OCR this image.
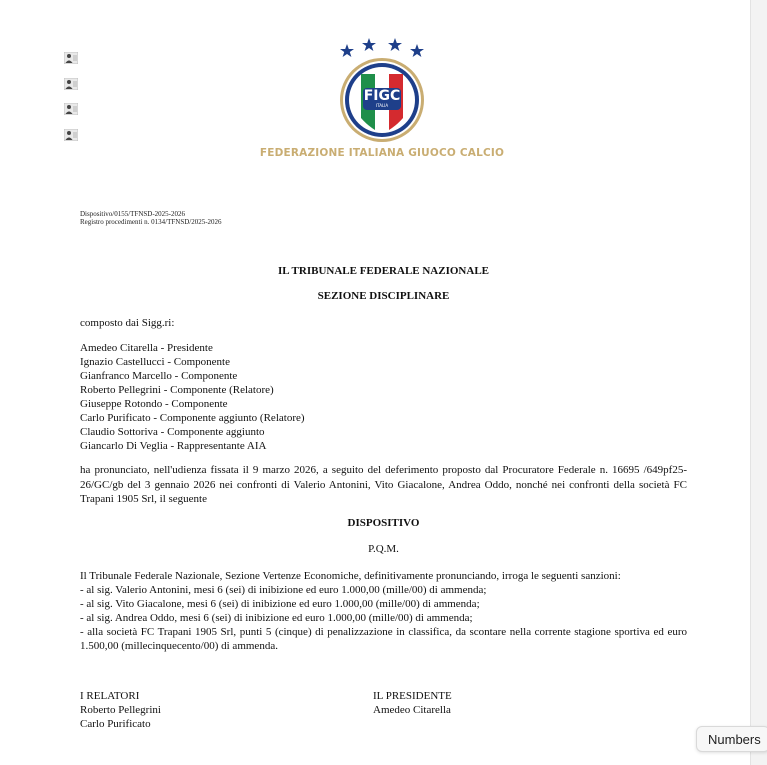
FIGC
ITALIA
FEDERAZIONE ITALIANA GIUOCO CALCIO
Dispositivo/0155/TFNSD-2025-2026
Registro procedimenti n. 0134/TFNSD/2025-2026
IL TRIBUNALE FEDERALE NAZIONALE
SEZIONE DISCIPLINARE
composto dai Sigg.ri:
Amedeo Citarella - Presidente
Ignazio Castellucci - Componente
Gianfranco Marcello - Componente
Roberto Pellegrini - Componente (Relatore)
Giuseppe Rotondo - Componente
Carlo Purificato - Componente aggiunto (Relatore)
Claudio Sottoriva - Componente aggiunto
Giancarlo Di Veglia - Rappresentante AIA
ha pronunciato, nell'udienza fissata il 9 marzo 2026, a seguito del deferimento proposto dal Procuratore Federale n. 16695 /649pf25-26/GC/gb del 3 gennaio 2026 nei confronti di Valerio Antonini, Vito Giacalone, Andrea Oddo, nonché nei confronti della società FC Trapani 1905 Srl, il seguente
DISPOSITIVO
P.Q.M.
Il Tribunale Federale Nazionale, Sezione Vertenze Economiche, definitivamente pronunciando, irroga le seguenti sanzioni:
- al sig. Valerio Antonini, mesi 6 (sei) di inibizione ed euro 1.000,00 (mille/00) di ammenda;
- al sig. Vito Giacalone, mesi 6 (sei) di inibizione ed euro 1.000,00 (mille/00) di ammenda;
- al sig. Andrea Oddo, mesi 6 (sei) di inibizione ed euro 1.000,00 (mille/00) di ammenda;
- alla società FC Trapani 1905 Srl, punti 5 (cinque) di penalizzazione in classifica, da scontare nella corrente stagione sportiva ed euro 1.500,00 (millecinquecento/00) di ammenda.
I RELATORI
Roberto Pellegrini
Carlo Purificato
IL PRESIDENTE
Amedeo Citarella
Numbers
